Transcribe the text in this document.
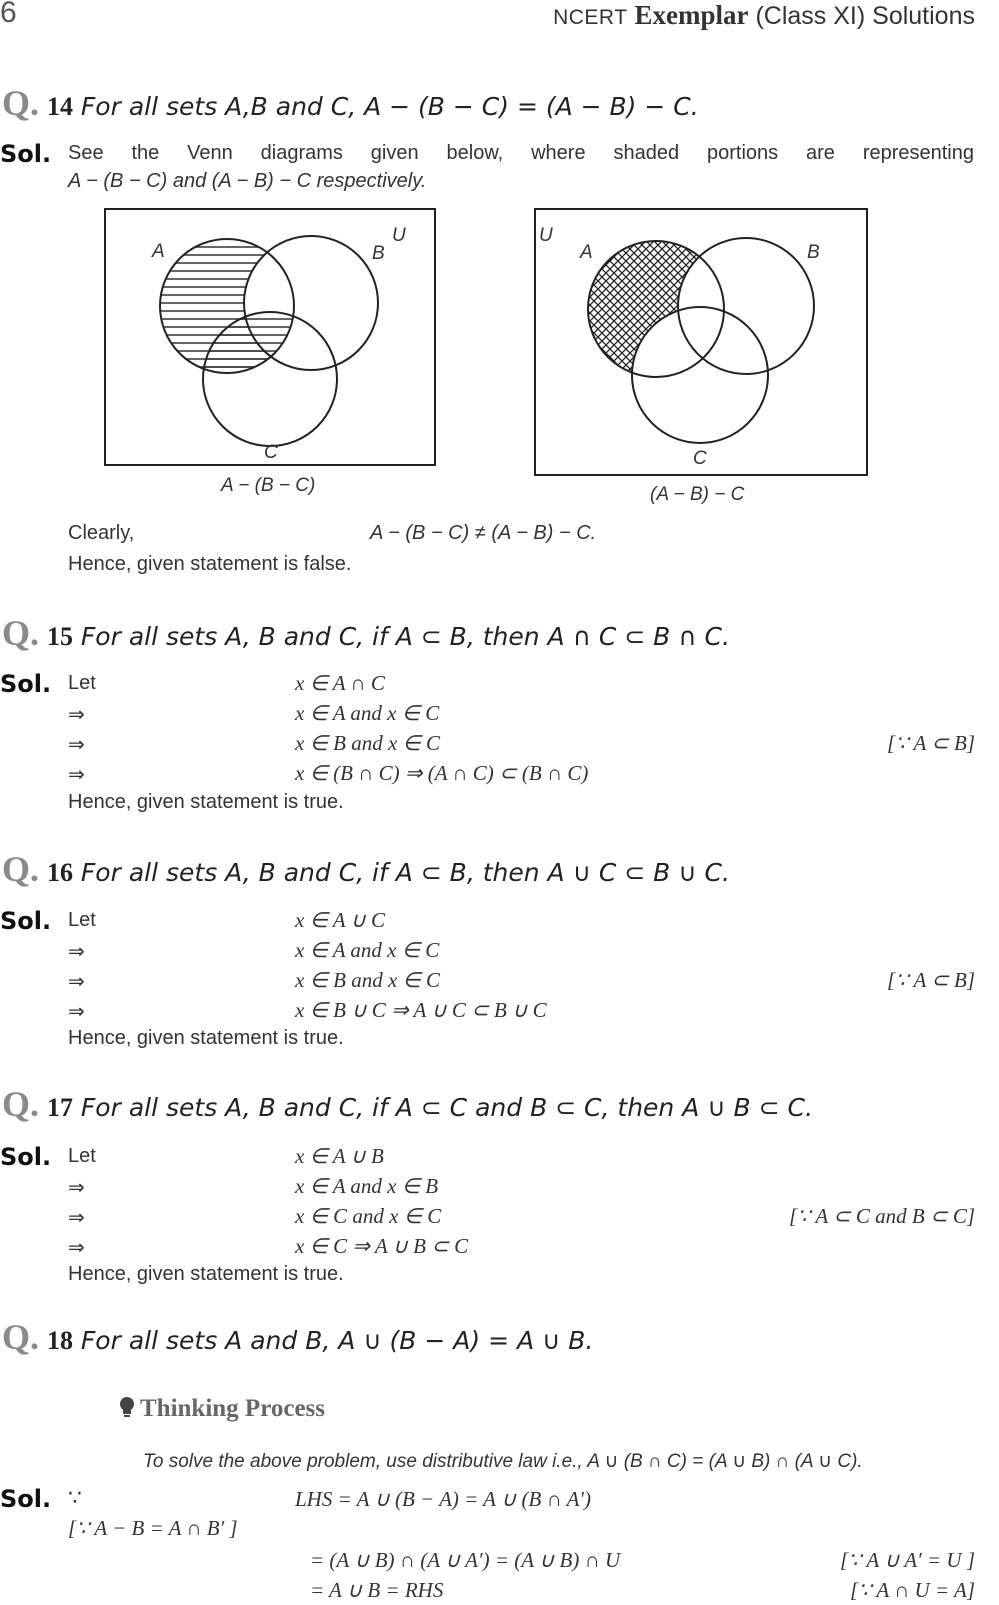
6	NCERT Exemplar (Class XI) Solutions
Q. 14 For all sets A,B and C, A − (B − C) = (A − B) − C.
Sol. See the Venn diagrams given below, where shaded portions are representing
A − (B − C) and (A − B) − C respectively.
A	B
U
C
A − (B − C)
U
A	B
C
(A − B) − C
Clearly,	A − (B − C) ≠ (A − B) − C.
Hence, given statement is false.
Q. 15 For all sets A, B and C, if A ⊂ B, then A ∩ C ⊂ B ∩ C.
Sol. Let	x ∈ A ∩ C
⇒	x ∈ A and x ∈ C
⇒	x ∈ B and x ∈ C	[∵ A ⊂ B]
⇒	x ∈ (B ∩ C) ⇒ (A ∩ C) ⊂ (B ∩ C)
Hence, given statement is true.
Q. 16 For all sets A, B and C, if A ⊂ B, then A ∪ C ⊂ B ∪ C.
Sol. Let	x ∈ A ∪ C
⇒	x ∈ A and x ∈ C
⇒	x ∈ B and x ∈ C	[∵ A ⊂ B]
⇒	x ∈ B ∪ C ⇒ A ∪ C ⊂ B ∪ C
Hence, given statement is true.
Q. 17 For all sets A, B and C, if A ⊂ C and B ⊂ C, then A ∪ B ⊂ C.
Sol. Let	x ∈ A ∪ B
⇒	x ∈ A and x ∈ B
⇒	x ∈ C and x ∈ C	[∵ A ⊂ C and B ⊂ C]
⇒	x ∈ C ⇒ A ∪ B ⊂ C
Hence, given statement is true.
Q. 18 For all sets A and B, A ∪ (B − A) = A ∪ B.
Thinking Process
To solve the above problem, use distributive law i.e., A ∪ (B ∩ C) = (A ∪ B) ∩ (A ∪ C).
Sol. ∵	LHS = A ∪ (B − A) = A ∪ (B ∩ A′)
[∵ A − B = A ∩ B′ ]
= (A ∪ B) ∩ (A ∪ A′) = (A ∪ B) ∩ U	[∵ A ∪ A′ = U ]
= A ∪ B = RHS	[∵ A ∩ U = A]
